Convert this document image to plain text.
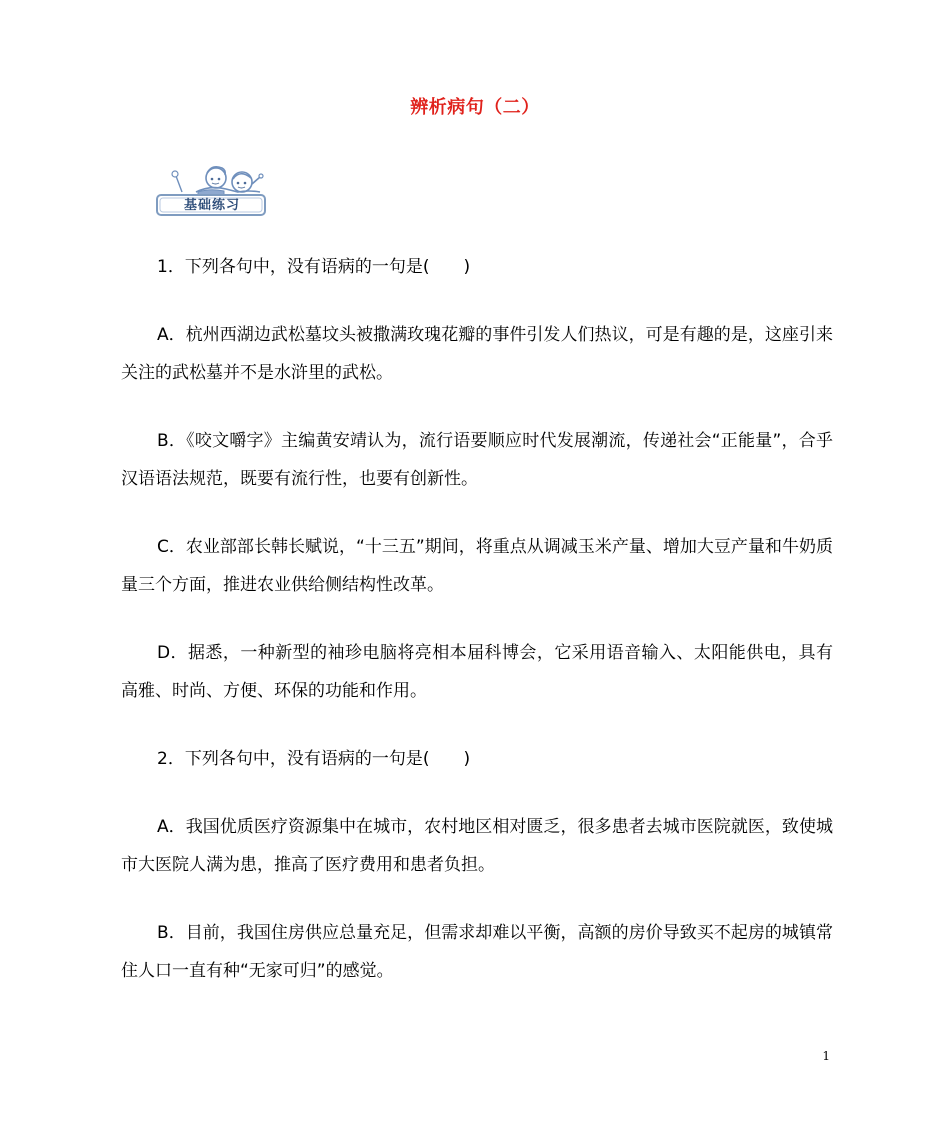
辨析病句（二）
基础练习

1．下列各句中，没有语病的一句是(　　)

A．杭州西湖边武松墓坟头被撒满玫瑰花瓣的事件引发人们热议，可是有趣的是，这座引来关注的武松墓并不是水浒里的武松。

B．《咬文嚼字》主编黄安靖认为，流行语要顺应时代发展潮流，传递社会“正能量”，合乎汉语语法规范，既要有流行性，也要有创新性。

C．农业部部长韩长赋说，“十三五”期间，将重点从调减玉米产量、增加大豆产量和牛奶质量三个方面，推进农业供给侧结构性改革。

D．据悉，一种新型的袖珍电脑将亮相本届科博会，它采用语音输入、太阳能供电，具有高雅、时尚、方便、环保的功能和作用。

2．下列各句中，没有语病的一句是(　　)

A．我国优质医疗资源集中在城市，农村地区相对匮乏，很多患者去城市医院就医，致使城市大医院人满为患，推高了医疗费用和患者负担。

B．目前，我国住房供应总量充足，但需求却难以平衡，高额的房价导致买不起房的城镇常住人口一直有种“无家可归”的感觉。

1
